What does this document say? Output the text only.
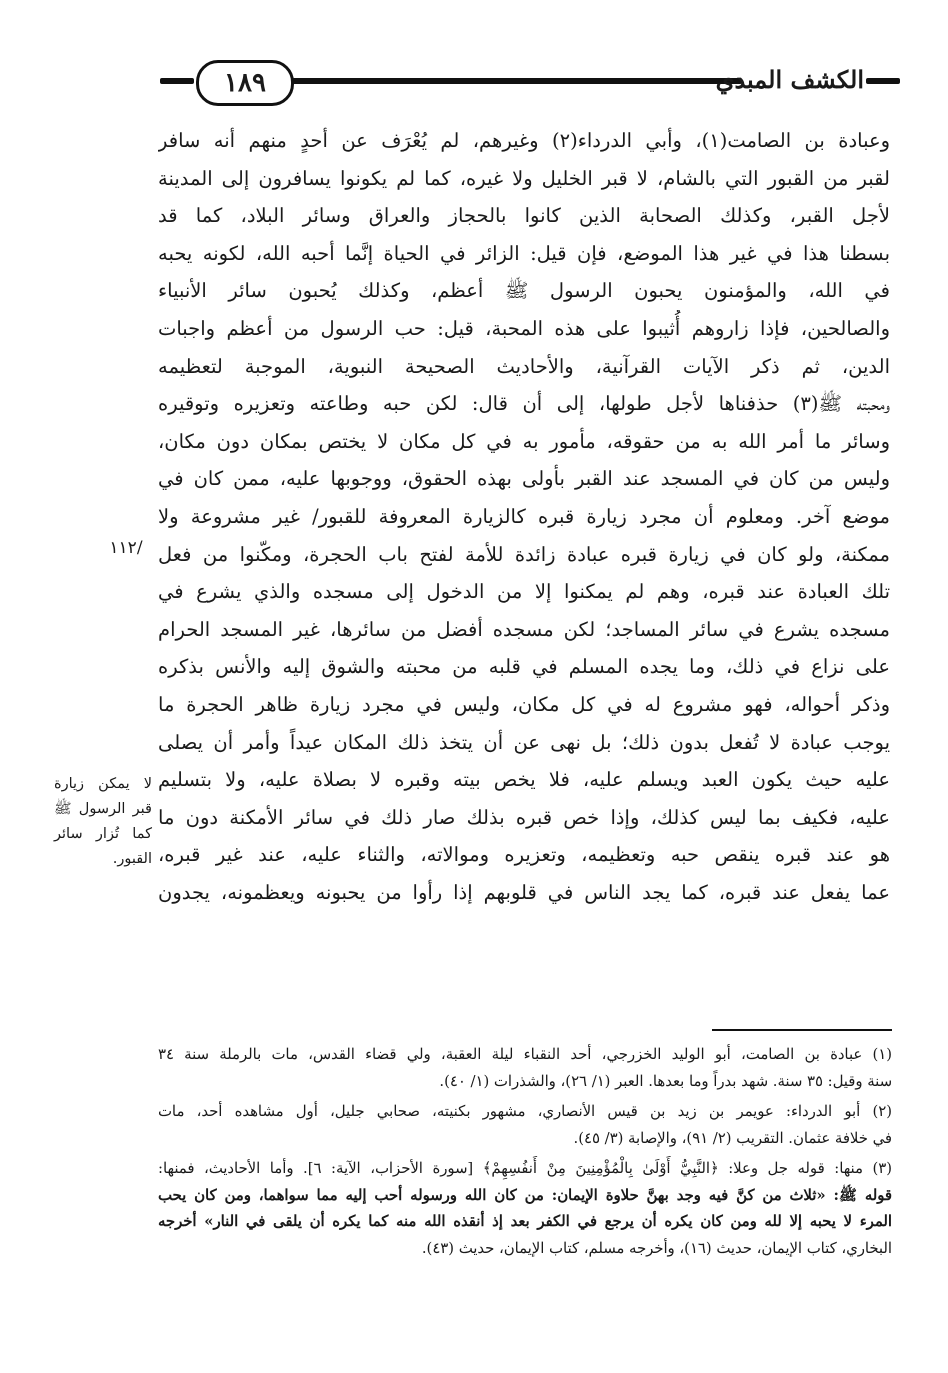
١٨٩	الكشف المبدي
وعبادة بن الصامت(١)، وأبي الدرداء(٢) وغيرهم، لم يُعْرَف عن أحدٍ منهم أنه سافر
لقبر من القبور التي بالشام، لا قبر الخليل ولا غيره، كما لم يكونوا يسافرون إلى المدينة
لأجل القبر، وكذلك الصحابة الذين كانوا بالحجاز والعراق وسائر البلاد، كما قد
بسطنا هذا في غير هذا الموضع، فإن قيل: الزائر في الحياة إنَّما أحبه الله، لكونه يحبه
في الله، والمؤمنون يحبون الرسول ﷺ أعظم، وكذلك يُحبون سائر الأنبياء
والصالحين، فإذا زاروهم أُثيبوا على هذه المحبة، قيل: حب الرسول من أعظم واجبات
الدين، ثم ذكر الآيات القرآنية، والأحاديث الصحيحة النبوية، الموجبة لتعظيمه
ومحبته ﷺ(٣) حذفناها لأجل طولها، إلى أن قال: لكن حبه وطاعته وتعزيره وتوقيره
وسائر ما أمر الله به من حقوقه، مأمور به في كل مكان لا يختص بمكان دون مكان،
وليس من كان في المسجد عند القبر بأولى بهذه الحقوق، ووجوبها عليه، ممن كان في
موضع آخر. ومعلوم أن مجرد زيارة قبره كالزيارة المعروفة للقبور/ غير مشروعة ولا
ممكنة، ولو كان في زيارة قبره عبادة زائدة للأمة لفتح باب الحجرة، ومكّنوا من فعل
تلك العبادة عند قبره، وهم لم يمكنوا إلا من الدخول إلى مسجده والذي يشرع في
مسجده يشرع في سائر المساجد؛ لكن مسجده أفضل من سائرها، غير المسجد الحرام
على نزاع في ذلك، وما يجده المسلم في قلبه من محبته والشوق إليه والأنس بذكره
وذكر أحواله، فهو مشروع له في كل مكان، وليس في مجرد زيارة ظاهر الحجرة ما
يوجب عبادة لا تُفعل بدون ذلك؛ بل نهى عن أن يتخذ ذلك المكان عيداً وأمر أن يصلى
عليه حيث يكون العبد ويسلم عليه، فلا يخص بيته وقبره لا بصلاة عليه، ولا بتسليم
عليه، فكيف بما ليس كذلك، وإذا خص قبره بذلك صار ذلك في سائر الأمكنة دون ما
هو عند قبره ينقص حبه وتعظيمه، وتعزيره وموالاته، والثناء عليه، عند غير قبره،
عما يفعل عند قبره، كما يجد الناس في قلوبهم إذا رأوا من يحبونه ويعظمونه، يجدون
/١١٢
لا يمكن زيارة قبر الرسول ﷺ كما تُزار سائر القبور.
(١) عبادة بن الصامت، أبو الوليد الخزرجي، أحد النقباء ليلة العقبة، ولي قضاء القدس، مات بالرملة سنة ٣٤
سنة وقيل: ٣٥ سنة. شهد بدراً وما بعدها. العبر (١/ ٢٦)، والشذرات (١/ ٤٠).
(٢) أبو الدرداء: عويمر بن زيد بن قيس الأنصاري، مشهور بكنيته، صحابي جليل، أول مشاهده أحد، مات
في خلافة عثمان. التقريب (٢/ ٩١)، والإصابة (٣/ ٤٥).
(٣) منها: قوله جل وعلا: ﴿النَّبِيُّ أَوْلَىٰ بِالْمُؤْمِنِينَ مِنْ أَنفُسِهِمْ﴾ [سورة الأحزاب، الآية: ٦]. وأما الأحاديث، فمنها:
قوله ﷺ: «ثلاث من كنَّ فيه وجد بهنَّ حلاوة الإيمان: من كان الله ورسوله أحب إليه مما سواهما، ومن كان يحب
المرء لا يحبه إلا لله ومن كان يكره أن يرجع في الكفر بعد إذ أنقذه الله منه كما يكره أن يلقى في النار» أخرجه
البخاري، كتاب الإيمان، حديث (١٦)، وأخرجه مسلم، كتاب الإيمان، حديث (٤٣).
